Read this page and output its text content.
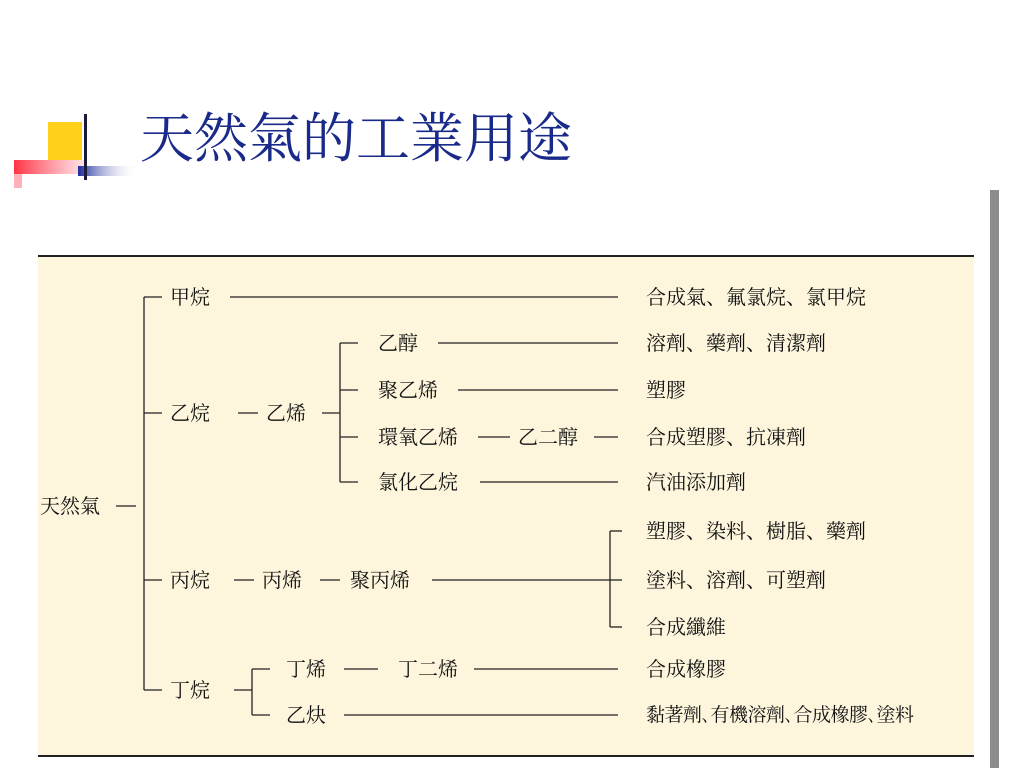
天然氣的工業用途
天然氣
甲烷
乙烷
丙烷
丁烷
乙烯
乙醇
聚乙烯
環氧乙烯	乙二醇
氯化乙烷
丙烯 聚丙烯
丁烯	丁二烯
乙炔
合成氣、氟氯烷、氯甲烷
溶劑、藥劑、清潔劑
塑膠
合成塑膠、抗凍劑
汽油添加劑
塑膠、染料、樹脂、藥劑
塗料、溶劑、可塑劑
合成纖維
合成橡膠
黏著劑､有機溶劑､合成橡膠､塗料
